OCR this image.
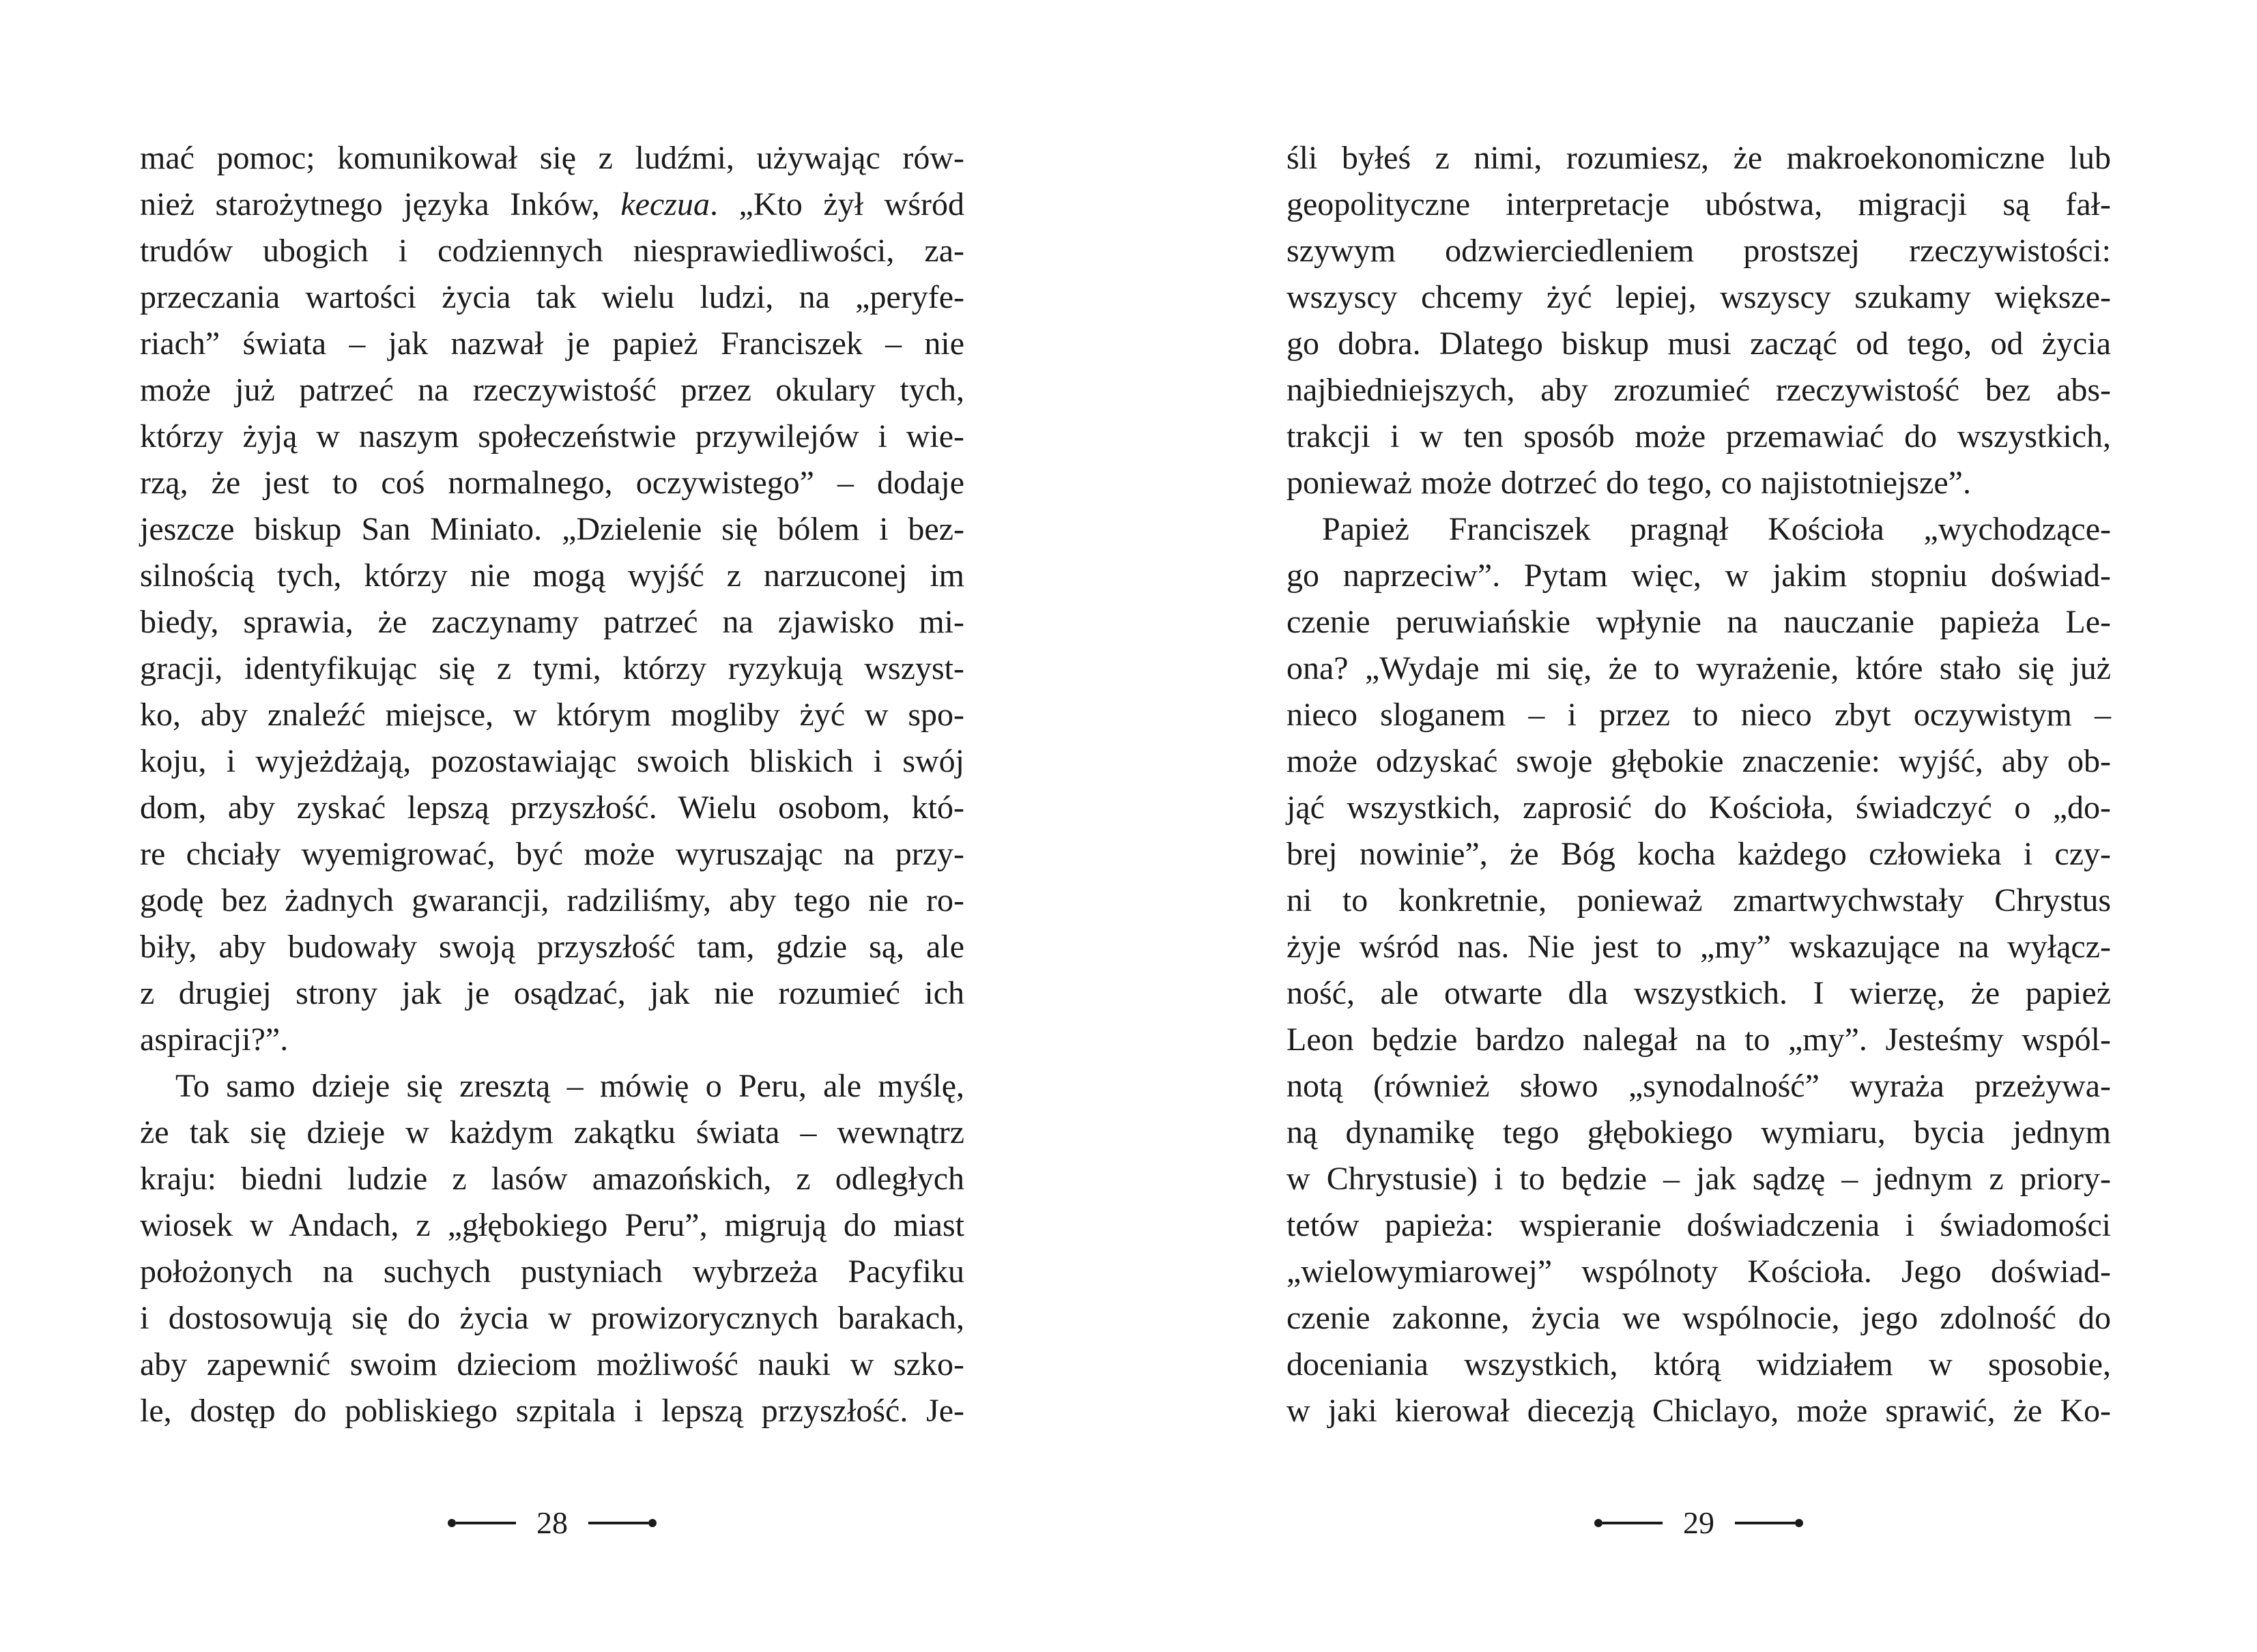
mać pomoc; komunikował się z ludźmi, używając rów-
nież starożytnego języka Inków, keczua. „Kto żył wśród
trudów ubogich i codziennych niesprawiedliwości, za-
przeczania wartości życia tak wielu ludzi, na „peryfe-
riach” świata – jak nazwał je papież Franciszek – nie
może już patrzeć na rzeczywistość przez okulary tych,
którzy żyją w naszym społeczeństwie przywilejów i wie-
rzą, że jest to coś normalnego, oczywistego” – dodaje
jeszcze biskup San Miniato. „Dzielenie się bólem i bez-
silnością tych, którzy nie mogą wyjść z narzuconej im
biedy, sprawia, że zaczynamy patrzeć na zjawisko mi-
gracji, identyfikując się z tymi, którzy ryzykują wszyst-
ko, aby znaleźć miejsce, w którym mogliby żyć w spo-
koju, i wyjeżdżają, pozostawiając swoich bliskich i swój
dom, aby zyskać lepszą przyszłość. Wielu osobom, któ-
re chciały wyemigrować, być może wyruszając na przy-
godę bez żadnych gwarancji, radziliśmy, aby tego nie ro-
biły, aby budowały swoją przyszłość tam, gdzie są, ale
z drugiej strony jak je osądzać, jak nie rozumieć ich
aspiracji?”.
To samo dzieje się zresztą – mówię o Peru, ale myślę,
że tak się dzieje w każdym zakątku świata – wewnątrz
kraju: biedni ludzie z lasów amazońskich, z odległych
wiosek w Andach, z „głębokiego Peru”, migrują do miast
położonych na suchych pustyniach wybrzeża Pacyfiku
i dostosowują się do życia w prowizorycznych barakach,
aby zapewnić swoim dzieciom możliwość nauki w szko-
le, dostęp do pobliskiego szpitala i lepszą przyszłość. Je-
28
śli byłeś z nimi, rozumiesz, że makroekonomiczne lub
geopolityczne interpretacje ubóstwa, migracji są fał-
szywym odzwierciedleniem prostszej rzeczywistości:
wszyscy chcemy żyć lepiej, wszyscy szukamy większe-
go dobra. Dlatego biskup musi zacząć od tego, od życia
najbiedniejszych, aby zrozumieć rzeczywistość bez abs-
trakcji i w ten sposób może przemawiać do wszystkich,
ponieważ może dotrzeć do tego, co najistotniejsze”.
Papież Franciszek pragnął Kościoła „wychodzące-
go naprzeciw”. Pytam więc, w jakim stopniu doświad-
czenie peruwiańskie wpłynie na nauczanie papieża Le-
ona? „Wydaje mi się, że to wyrażenie, które stało się już
nieco sloganem – i przez to nieco zbyt oczywistym –
może odzyskać swoje głębokie znaczenie: wyjść, aby ob-
jąć wszystkich, zaprosić do Kościoła, świadczyć o „do-
brej nowinie”, że Bóg kocha każdego człowieka i czy-
ni to konkretnie, ponieważ zmartwychwstały Chrystus
żyje wśród nas. Nie jest to „my” wskazujące na wyłącz-
ność, ale otwarte dla wszystkich. I wierzę, że papież
Leon będzie bardzo nalegał na to „my”. Jesteśmy wspól-
notą (również słowo „synodalność” wyraża przeżywa-
ną dynamikę tego głębokiego wymiaru, bycia jednym
w Chrystusie) i to będzie – jak sądzę – jednym z priory-
tetów papieża: wspieranie doświadczenia i świadomości
„wielowymiarowej” wspólnoty Kościoła. Jego doświad-
czenie zakonne, życia we wspólnocie, jego zdolność do
doceniania wszystkich, którą widziałem w sposobie,
w jaki kierował diecezją Chiclayo, może sprawić, że Ko-
29
